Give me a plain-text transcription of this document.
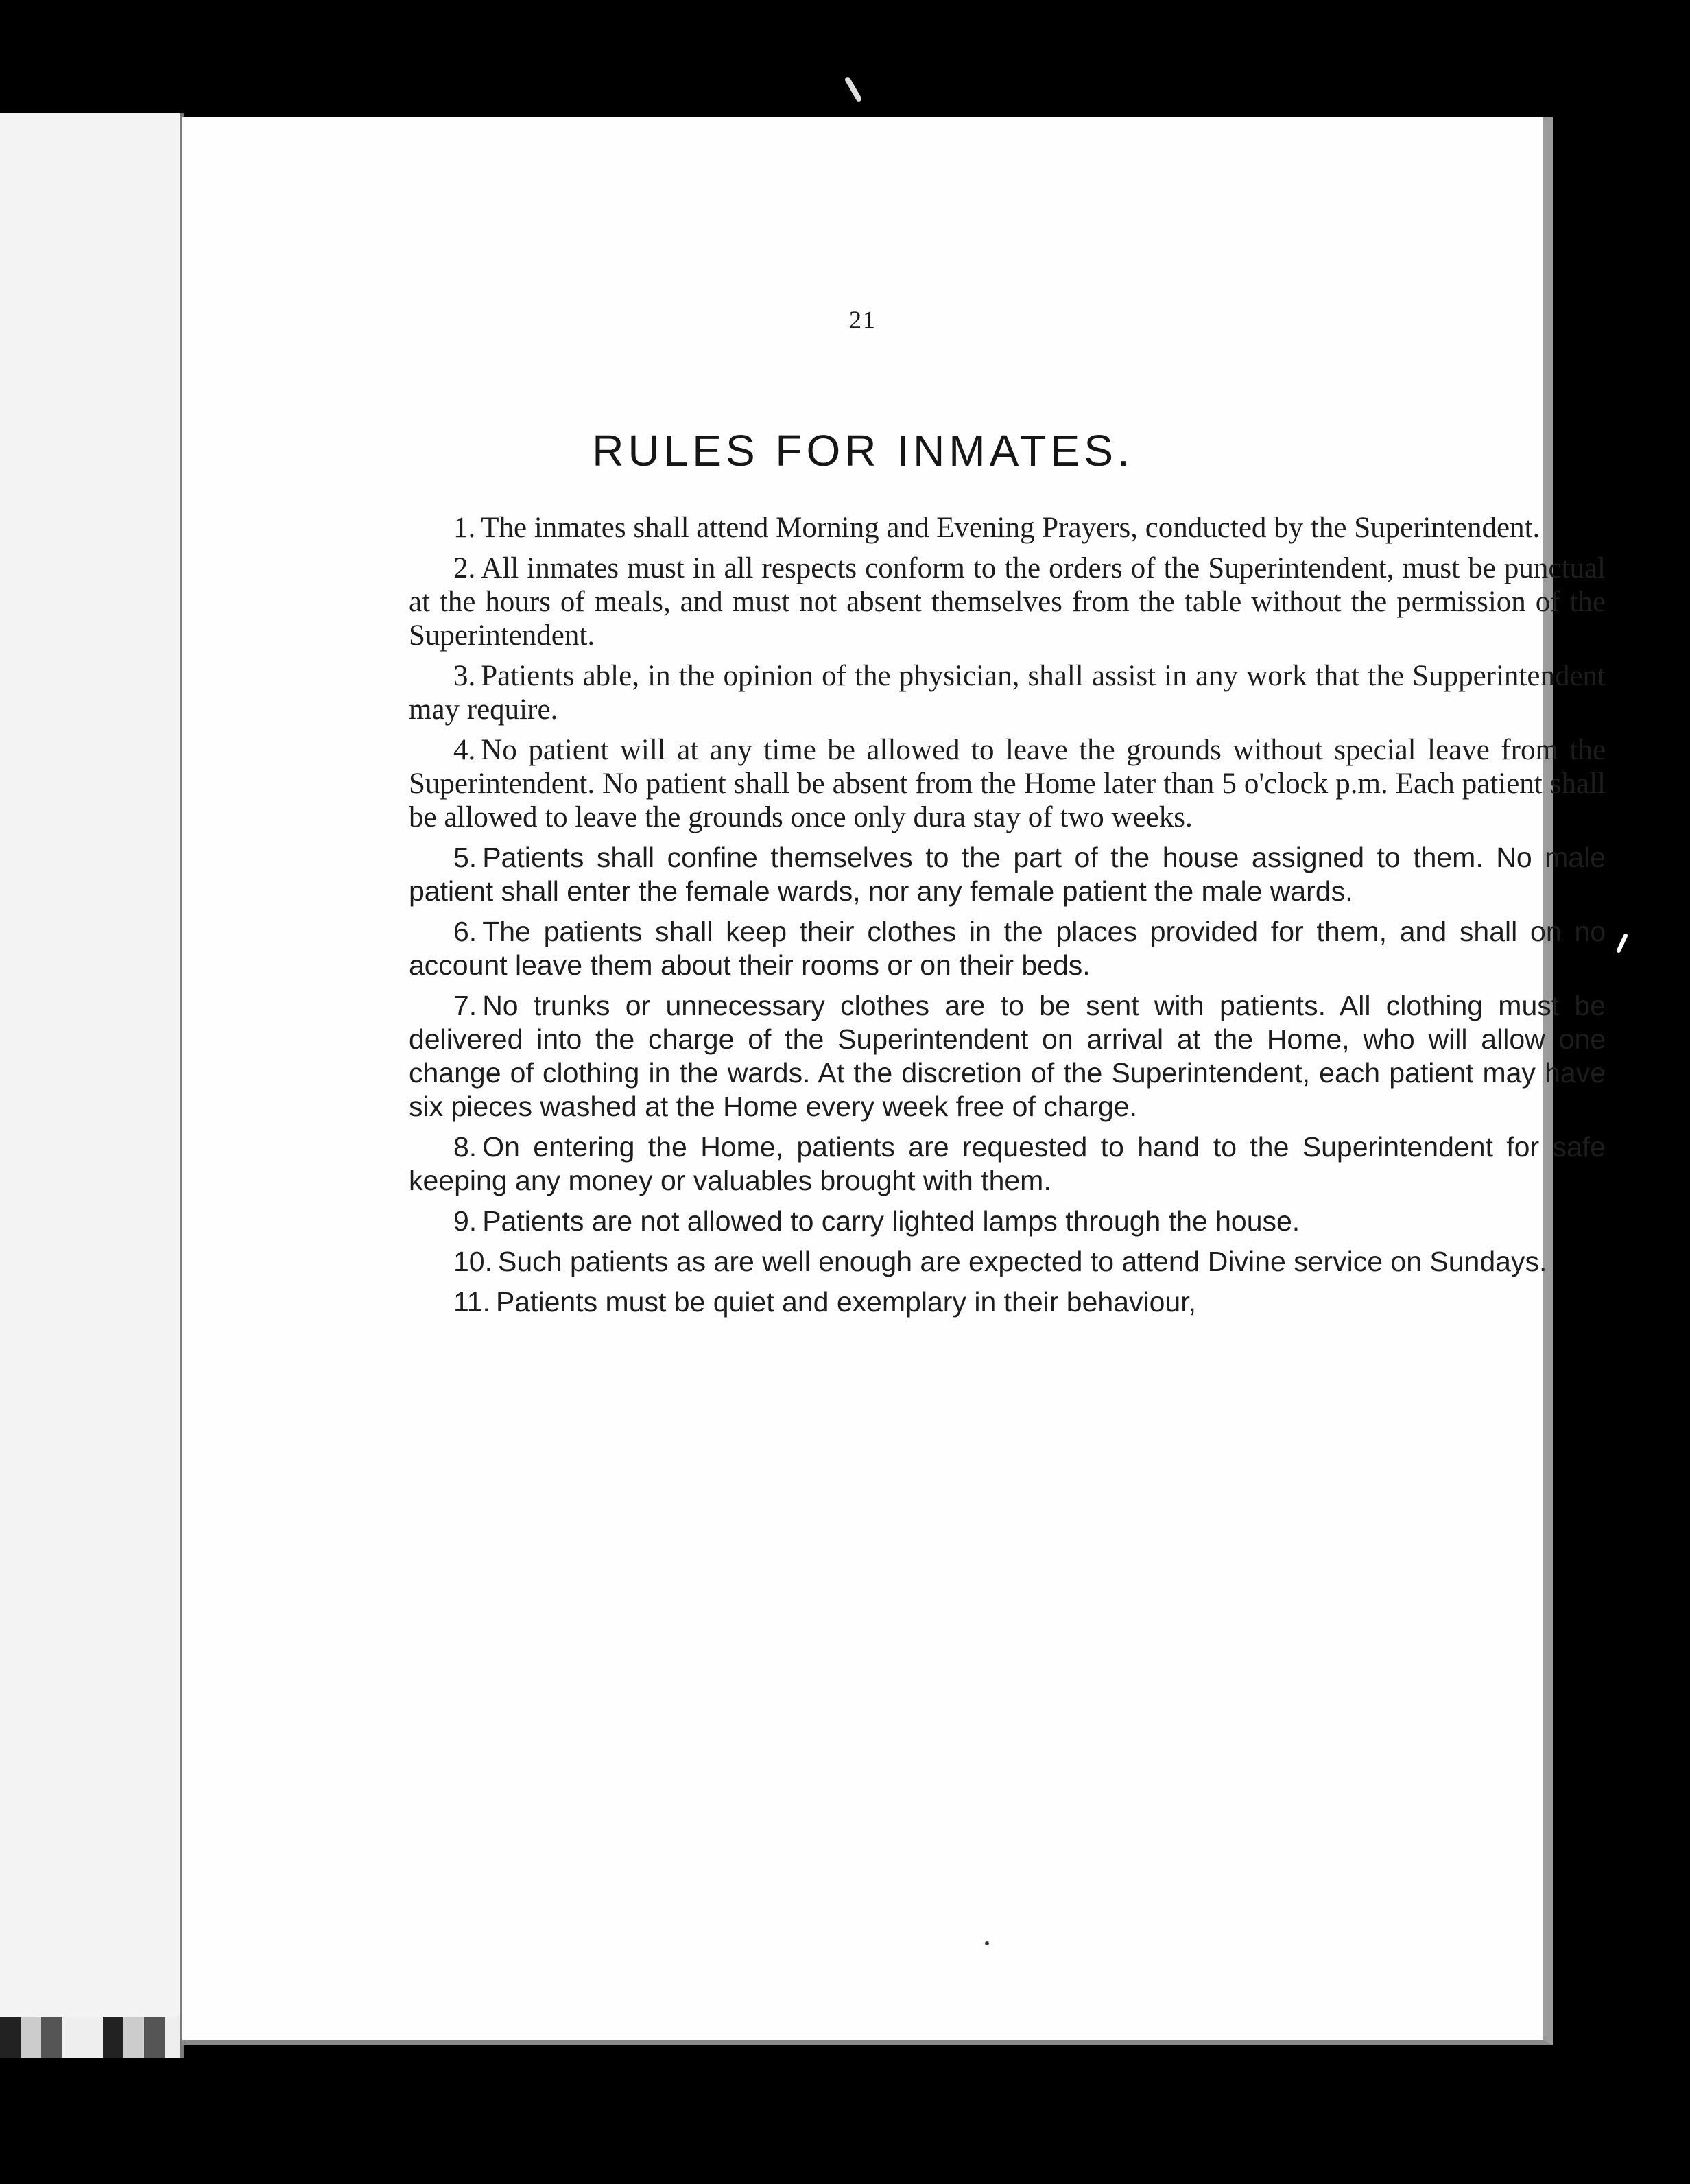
21
RULES FOR INMATES.

1. The inmates shall attend Morning and Evening Prayers, conducted by the Superintendent.

2. All inmates must in all respects conform to the orders of the Superintendent, must be punctual at the hours of meals, and must not absent themselves from the table without the permission of the Superintendent.

3. Patients able, in the opinion of the physician, shall assist in any work that the Supperintendent may require.

4. No patient will at any time be allowed to leave the grounds without special leave from the Superintendent. No patient shall be absent from the Home later than 5 o'clock p.m. Each patient shall be allowed to leave the grounds once only dura stay of two weeks.

5. Patients shall confine themselves to the part of the house assigned to them. No male patient shall enter the female wards, nor any female patient the male wards.

6. The patients shall keep their clothes in the places provided for them, and shall on no account leave them about their rooms or on their beds.

7. No trunks or unnecessary clothes are to be sent with patients. All clothing must be delivered into the charge of the Superintendent on arrival at the Home, who will allow one change of clothing in the wards. At the discretion of the Superintendent, each patient may have six pieces washed at the Home every week free of charge.

8. On entering the Home, patients are requested to hand to the Superintendent for safe keeping any money or valuables brought with them.

9. Patients are not allowed to carry lighted lamps through the house.

10. Such patients as are well enough are expected to attend Divine service on Sundays.

11. Patients must be quiet and exemplary in their behaviour,
